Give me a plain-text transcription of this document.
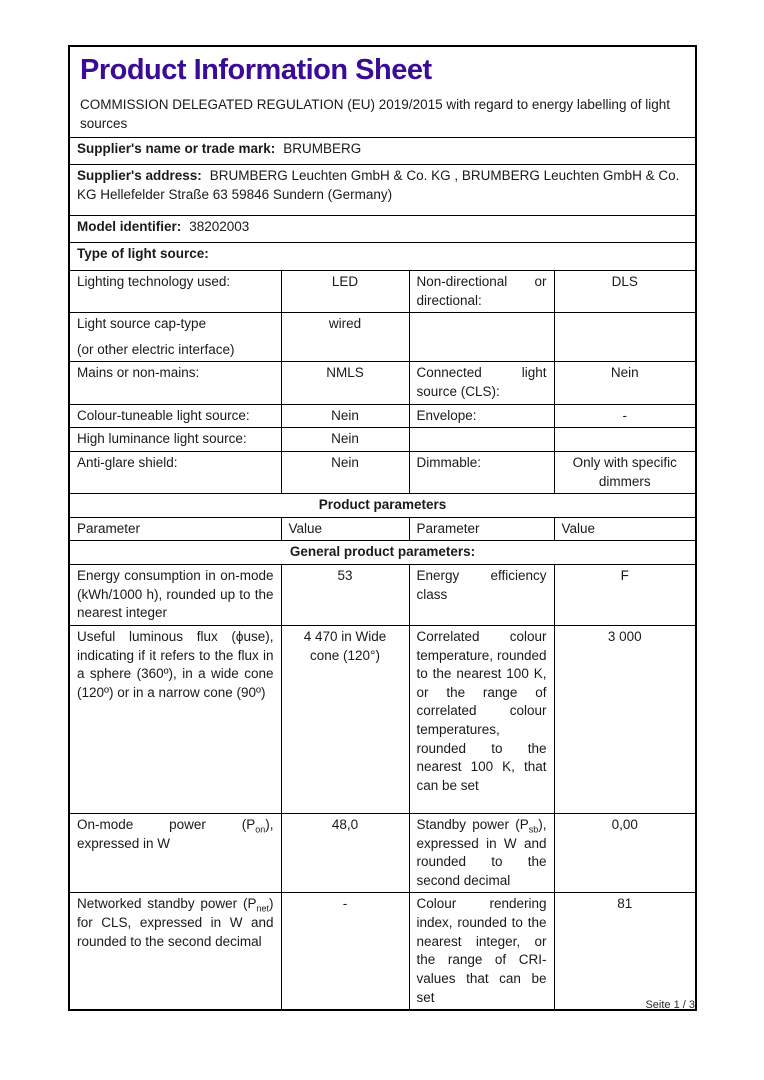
Product Information Sheet

COMMISSION DELEGATED REGULATION (EU) 2019/2015 with regard to energy labelling of light sources

Supplier's name or trade mark: BRUMBERG			
Supplier's address: BRUMBERG Leuchten GmbH & Co. KG , BRUMBERG Leuchten GmbH & Co. KG Hellefelder Straße 63 59846 Sundern (Germany)			
Model identifier: 38202003			
Type of light source:			
Lighting technology used:	LED	Non-directional or directional:	DLS

Light source cap-type
(or other electric interface)	wired		
Mains or non-mains:	NMLS	Connected light source (CLS):	Nein
Colour-tuneable light source:	Nein	Envelope:	-
High luminance light source:	Nein		
Anti-glare shield:	Nein	Dimmable:	Only with specific dimmers
Product parameters			
Parameter	Value	Parameter	Value
General product parameters:			
Energy consumption in on-mode (kWh/1000 h), rounded up to the nearest integer	53	Energy efficiency class	F
Useful luminous flux (ϕuse), indicating if it refers to the flux in a sphere (360º), in a wide cone (120º) or in a narrow cone (90º)	4 470 in Wide cone (120°)	Correlated colour temperature, rounded to the nearest 100 K, or the range of correlated colour temperatures, rounded to the nearest 100 K, that can be set	3 000
On-mode power $(P_{on})$, expressed in W	48,0	Standby power $(P_{sb})$, expressed in W and rounded to the second decimal	0,00
Networked standby power $(P_{net})$ for CLS, expressed in W and rounded to the second decimal	-	Colour rendering index, rounded to the nearest integer, or the range of CRI-values that can be set	81
Seite 1 / 3
